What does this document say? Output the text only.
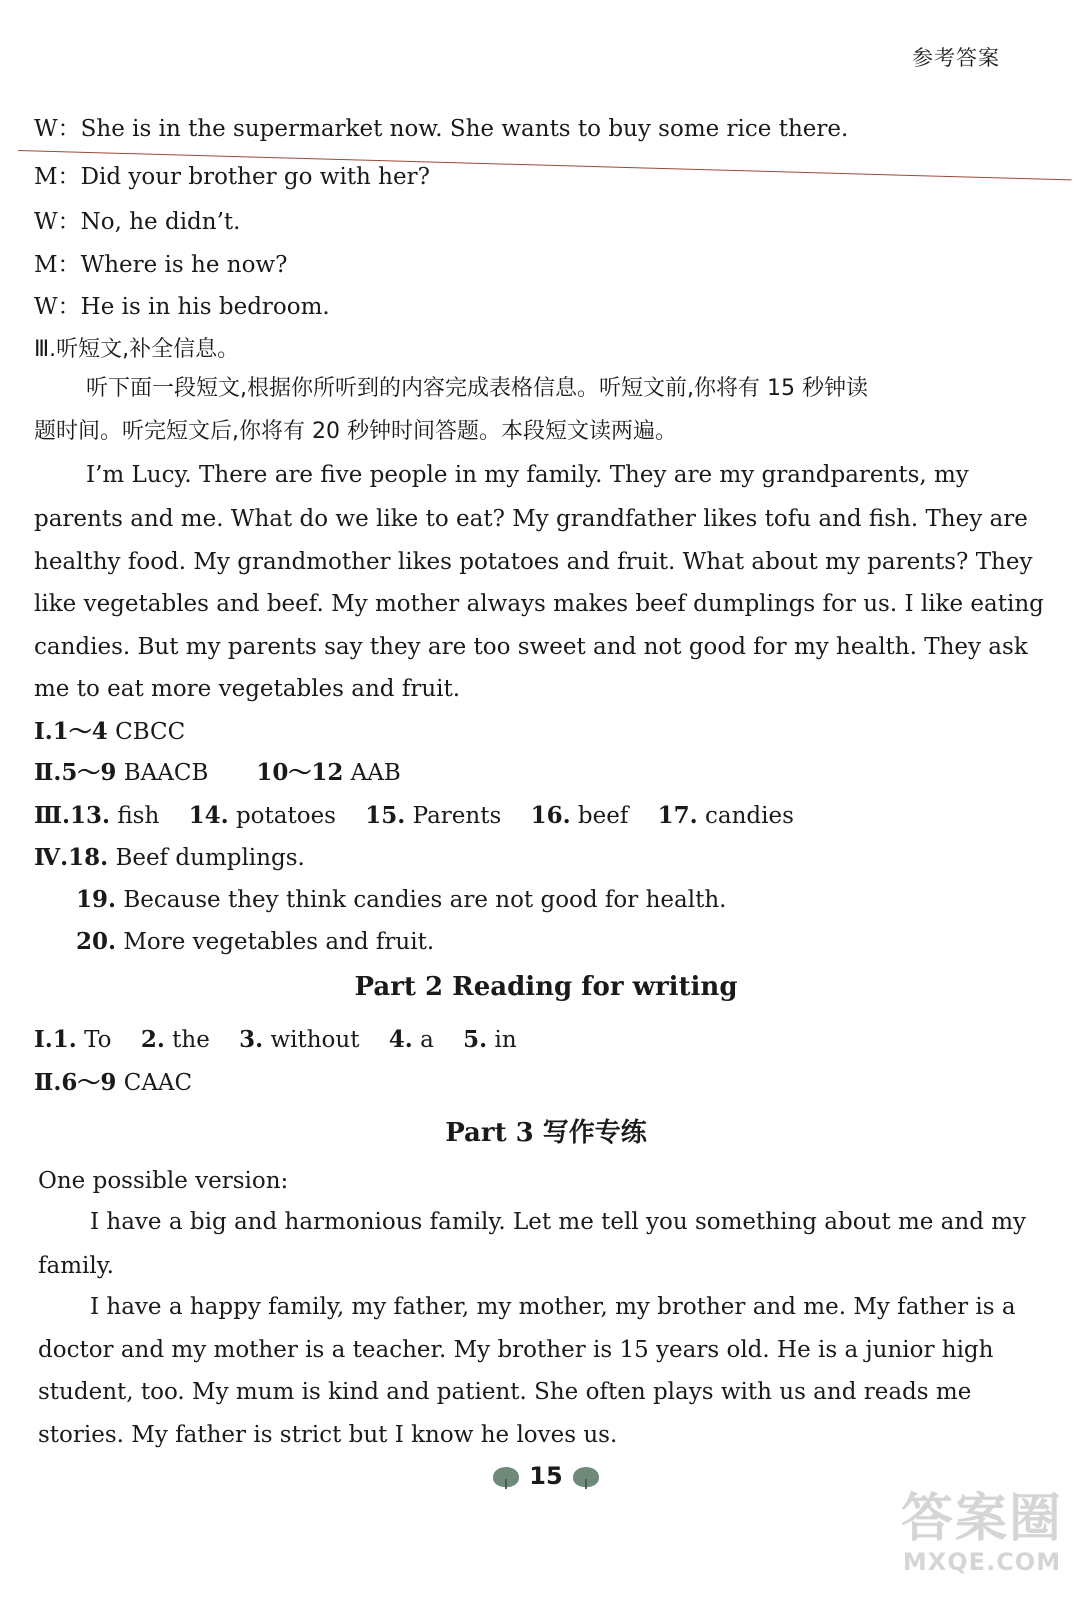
参考答案
W：She is in the supermarket now. She wants to buy some rice there.
M：Did your brother go with her?
W：No, he didn’t.
M：Where is he now?
W：He is in his bedroom.
Ⅲ.听短文,补全信息。
听下面一段短文,根据你所听到的内容完成表格信息。听短文前,你将有 15 秒钟读
题时间。听完短文后,你将有 20 秒钟时间答题。本段短文读两遍。
I’m Lucy. There are five people in my family. They are my grandparents, my
parents and me. What do we like to eat? My grandfather likes tofu and fish. They are
healthy food. My grandmother likes potatoes and fruit. What about my parents? They
like vegetables and beef. My mother always makes beef dumplings for us. I like eating
candies. But my parents say they are too sweet and not good for my health. They ask
me to eat more vegetables and fruit.
Ⅰ.1～4 CBCC
Ⅱ.5～9 BAACB 10～12 AAB
Ⅲ.13. fish 14. potatoes 15. Parents 16. beef 17. candies
Ⅳ.18. Beef dumplings.
19. Because they think candies are not good for health.
20. More vegetables and fruit.
Part 2 Reading for writing
Ⅰ.1. To 2. the 3. without 4. a 5. in
Ⅱ.6～9 CAAC
Part 3 写作专练
One possible version:
I have a big and harmonious family. Let me tell you something about me and my
family.
I have a happy family, my father, my mother, my brother and me. My father is a
doctor and my mother is a teacher. My brother is 15 years old. He is a junior high
student, too. My mum is kind and patient. She often plays with us and reads me
stories. My father is strict but I know he loves us.
15
答案圈
MXQE.COM
